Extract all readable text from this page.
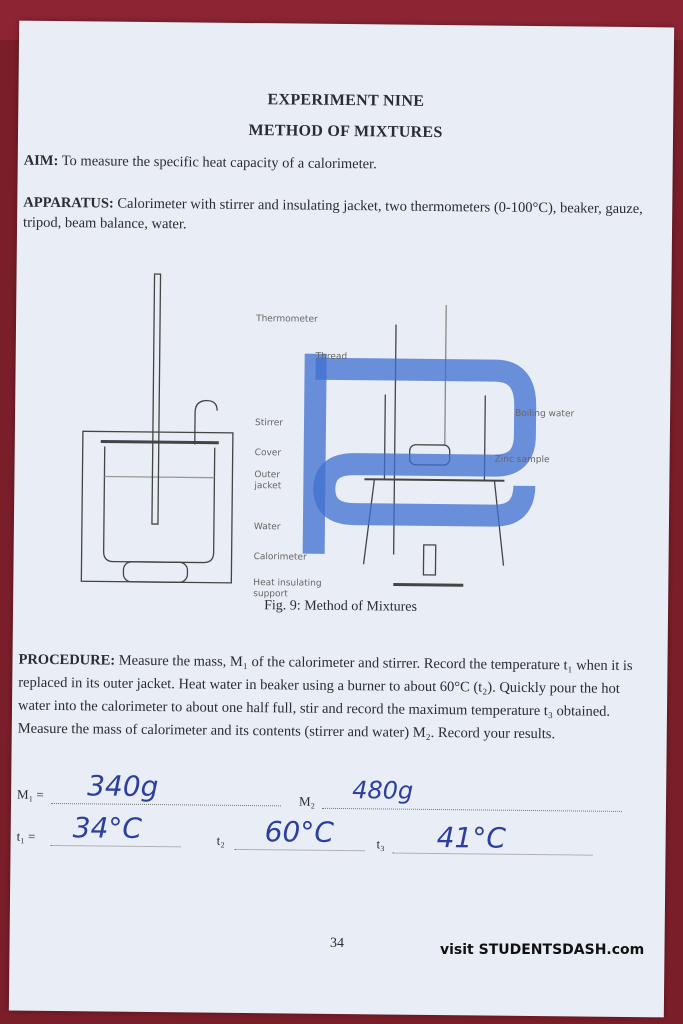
EXPERIMENT NINE
METHOD OF MIXTURES
AIM: To measure the specific heat capacity of a calorimeter.
APPARATUS: Calorimeter with stirrer and insulating jacket, two thermometers (0-100°C), beaker, gauze, tripod, beam balance, water.
Thermometer
Thread
Boiling water
Stirrer
Cover
Outer
jacket
Zinc sample
Water
Calorimeter
Heat insulating
support
Fig. 9: Method of Mixtures
PROCEDURE: Measure the mass, M₁ of the calorimeter and stirrer. Record the temperature t₁ when it is replaced in its outer jacket. Heat water in beaker using a burner to about 60°C (t₂). Quickly pour the hot water into the calorimeter to about one half full, stir and record the maximum temperature t₃ obtained. Measure the mass of calorimeter and its contents (stirrer and water) M₂. Record your results.
M₁ = 340g	M₂ 480g
t₁ = 34°C	t₂ 60°C	t₃ 41°C
34	visit STUDENTSDASH.com
